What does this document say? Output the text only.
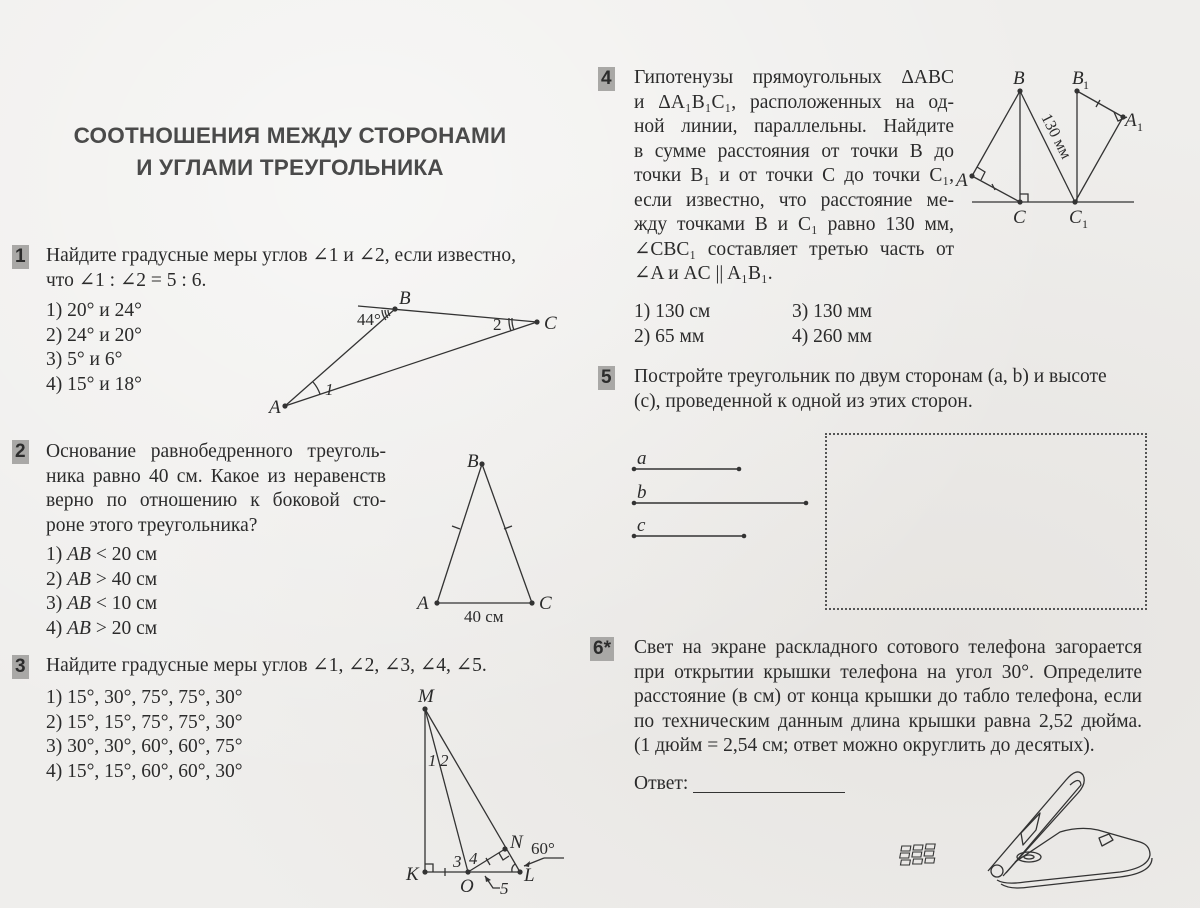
СООТНОШЕНИЯ МЕЖДУ СТОРОНАМИ
И УГЛАМИ ТРЕУГОЛЬНИКА
1 Найдите градусные меры углов ∠1 и ∠2, если известно,
что ∠1 : ∠2 = 5 : 6.
1) 20° и 24°
2) 24° и 20°
3) 5° и 6°
4) 15° и 18°
A
B
C
1
2
44°
2 Основание равнобедренного треуголь-
ника равно 40 см. Какое из неравенств
верно по отношению к боковой сто-
роне этого треугольника?
1) AB < 20 см
2) AB > 40 см
3) AB < 10 см
4) AB > 20 см
A
B
C
40 см
3 Найдите градусные меры углов ∠1, ∠2, ∠3, ∠4, ∠5.
1) 15°, 30°, 75°, 75°, 30°
2) 15°, 15°, 75°, 75°, 30°
3) 30°, 30°, 60°, 60°, 75°
4) 15°, 15°, 60°, 60°, 30°
M
K
O
L
N
1 2
3 4
5
60°
4 Гипотенузы прямоугольных ΔABC
и ΔA₁B₁C₁, расположенных на од-
ной линии, параллельны. Найдите
в сумме расстояния от точки B до
точки B₁ и от точки C до точки C₁,
если известно, что расстояние ме-
жду точками B и C₁ равно 130 мм,
∠CBC₁ составляет третью часть от
∠A и AC || A₁B₁.
1) 130 см
2) 65 мм
3) 130 мм
4) 260 мм
B
A
C
B 1
A 1
C 1
130 мм
5 Постройте треугольник по двум сторонам (a, b) и высоте
(c), проведенной к одной из этих сторон.
a
b
c
6* Свет на экране раскладного сотового телефона загорается
при открытии крышки телефона на угол 30°. Определите
расстояние (в см) от конца крышки до табло телефона, если
по техническим данным длина крышки равна 2,52 дюйма.
(1 дюйм = 2,54 см; ответ можно округлить до десятых).
Ответ:
